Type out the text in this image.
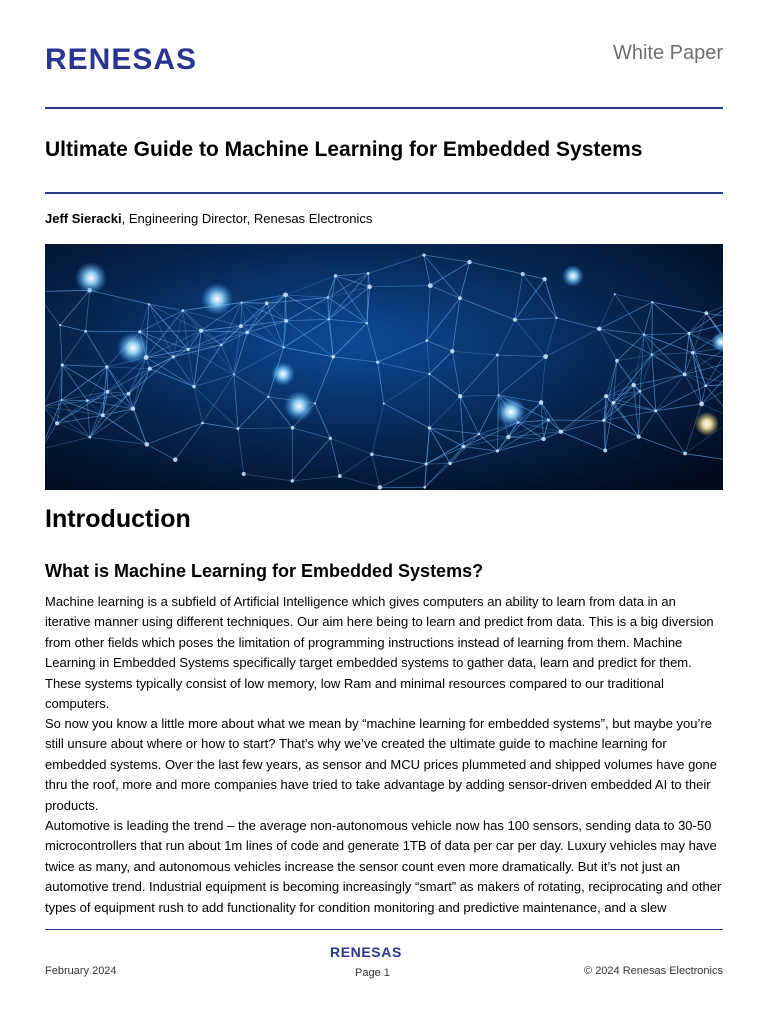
RENESAS	White Paper
Ultimate Guide to Machine Learning for Embedded Systems
Jeff Sieracki, Engineering Director, Renesas Electronics
Introduction
What is Machine Learning for Embedded Systems?

Machine learning is a subfield of Artificial Intelligence which gives computers an ability to learn from data in an iterative manner using different techniques. Our aim here being to learn and predict from data. This is a big diversion from other fields which poses the limitation of programming instructions instead of learning from them. Machine Learning in Embedded Systems specifically target embedded systems to gather data, learn and predict for them. These systems typically consist of low memory, low Ram and minimal resources compared to our traditional computers.

So now you know a little more about what we mean by “machine learning for embedded systems”, but maybe you’re still unsure about where or how to start? That’s why we’ve created the ultimate guide to machine learning for embedded systems. Over the last few years, as sensor and MCU prices plummeted and shipped volumes have gone thru the roof, more and more companies have tried to take advantage by adding sensor-driven embedded AI to their products.

Automotive is leading the trend – the average non-autonomous vehicle now has 100 sensors, sending data to 30-50 microcontrollers that run about 1m lines of code and generate 1TB of data per car per day. Luxury vehicles may have twice as many, and autonomous vehicles increase the sensor count even more dramatically. But it’s not just an automotive trend. Industrial equipment is becoming increasingly “smart” as makers of rotating, reciprocating and other types of equipment rush to add functionality for condition monitoring and predictive maintenance, and a slew

RENESAS
February 2024	Page 1	© 2024 Renesas Electronics
